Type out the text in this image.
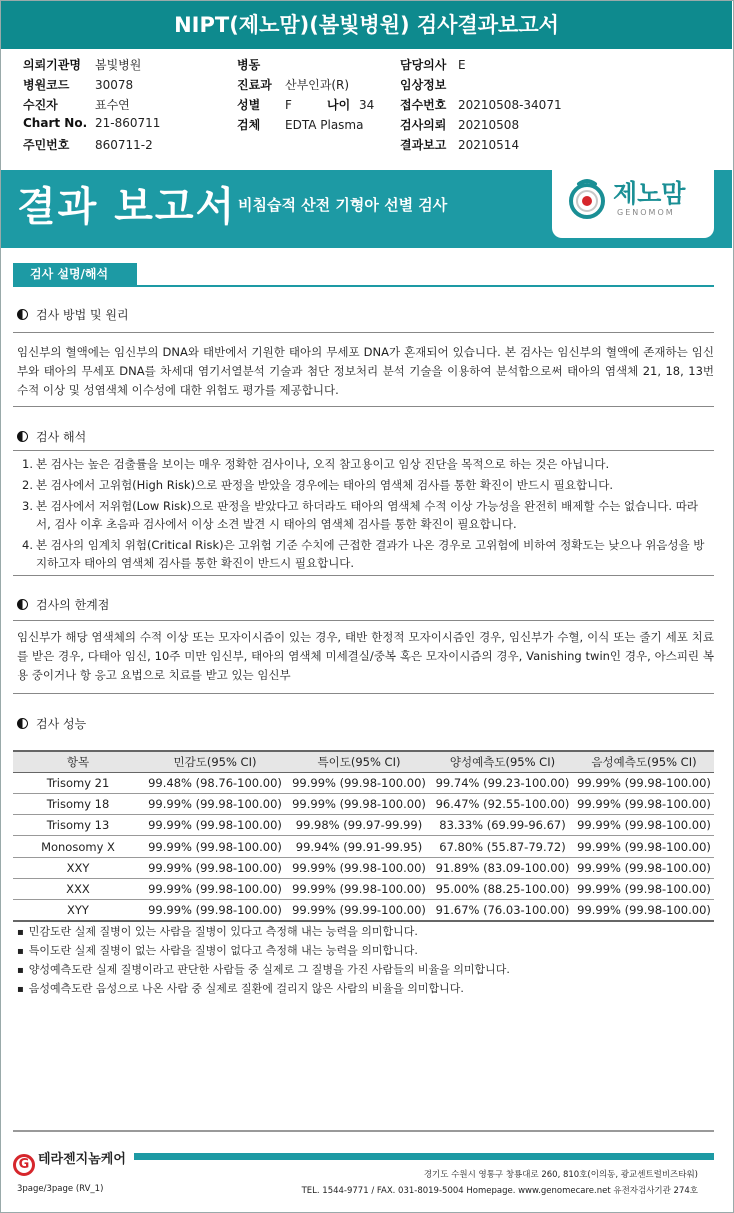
NIPT(제노맘)(봄빛병원) 검사결과보고서
의뢰기관명 봄빛병원
병원코드 30078
수진자	표수연
Chart No. 21-860711
주민번호 860711-2
병동
진료과 산부인과(R)
성별 F	나이 34
검체 EDTA Plasma
담당의사 E
임상정보
접수번호 20210508-34071
검사의뢰 20210508
결과보고 20210514
결과 보고서 비침습적 산전 기형아 선별 검사	제노맘
GENOMOM
검사 설명/해석
검사 방법 및 원리
임신부의 혈액에는 임신부의 DNA와 태반에서 기원한 태아의 무세포 DNA가 혼재되어 있습니다. 본 검사는 임신부의 혈액에 존재하는 임신부와 태아의 무세포 DNA를 차세대 염기서열분석 기술과 첨단 정보처리 분석 기술을 이용하여 분석함으로써 태아의 염색체 21, 18, 13번 수적 이상 및 성염색체 이수성에 대한 위험도 평가를 제공합니다.
검사 해석
1. 본 검사는 높은 검출률을 보이는 매우 정확한 검사이나, 오직 참고용이고 임상 진단을 목적으로 하는 것은 아닙니다.
2. 본 검사에서 고위험(High Risk)으로 판정을 받았을 경우에는 태아의 염색체 검사를 통한 확진이 반드시 필요합니다.
3. 본 검사에서 저위험(Low Risk)으로 판정을 받았다고 하더라도 태아의 염색체 수적 이상 가능성을 완전히 배제할 수는 없습니다. 따라서, 검사 이후 초음파 검사에서 이상 소견 발견 시 태아의 염색체 검사를 통한 확진이 필요합니다.
4. 본 검사의 임계치 위험(Critical Risk)은 고위험 기준 수치에 근접한 결과가 나온 경우로 고위험에 비하여 정확도는 낮으나 위음성을 방지하고자 태아의 염색체 검사를 통한 확진이 반드시 필요합니다.
검사의 한계점
임신부가 해당 염색체의 수적 이상 또는 모자이시즘이 있는 경우, 태반 한정적 모자이시즘인 경우, 임신부가 수혈, 이식 또는 줄기 세포 치료를 받은 경우, 다태아 임신, 10주 미만 임신부, 태아의 염색체 미세결실/중복 혹은 모자이시즘의 경우, Vanishing twin인 경우, 아스피린 복용 중이거나 항 응고 요법으로 치료를 받고 있는 임신부
검사 성능
항목	민감도(95% CI)	특이도(95% CI)	양성예측도(95% CI)	음성예측도(95% CI)
Trisomy 21	99.48% (98.76-100.00)	99.99% (99.98-100.00)	99.74% (99.23-100.00)	99.99% (99.98-100.00)
Trisomy 18	99.99% (99.98-100.00)	99.99% (99.98-100.00)	96.47% (92.55-100.00)	99.99% (99.98-100.00)
Trisomy 13	99.99% (99.98-100.00)	99.98% (99.97-99.99)	83.33% (69.99-96.67)	99.99% (99.98-100.00)
Monosomy X	99.99% (99.98-100.00)	99.94% (99.91-99.95)	67.80% (55.87-79.72)	99.99% (99.98-100.00)
XXY	99.99% (99.98-100.00)	99.99% (99.98-100.00)	91.89% (83.09-100.00)	99.99% (99.98-100.00)
XXX	99.99% (99.98-100.00)	99.99% (99.98-100.00)	95.00% (88.25-100.00)	99.99% (99.98-100.00)
XYY	99.99% (99.98-100.00)	99.99% (99.99-100.00)	91.67% (76.03-100.00)	99.99% (99.98-100.00)
▪ 민감도란 실제 질병이 있는 사람을 질병이 있다고 측정해 내는 능력을 의미합니다.
▪ 특이도란 실제 질병이 없는 사람을 질병이 없다고 측정해 내는 능력을 의미합니다.
▪ 양성예측도란 실제 질병이라고 판단한 사람들 중 실제로 그 질병을 가진 사람들의 비율을 의미합니다.
▪ 음성예측도란 음성으로 나온 사람 중 실제로 질환에 걸리지 않은 사람의 비율을 의미합니다.
G 테라젠지놈케어
경기도 수원시 영통구 창룡대로 260, 810호(이의동, 광교센트럴비즈타워)
TEL. 1544-9771 / FAX. 031-8019-5004 Homepage. www.genomecare.net 유전자검사기관 274호
3page/3page (RV_1)
